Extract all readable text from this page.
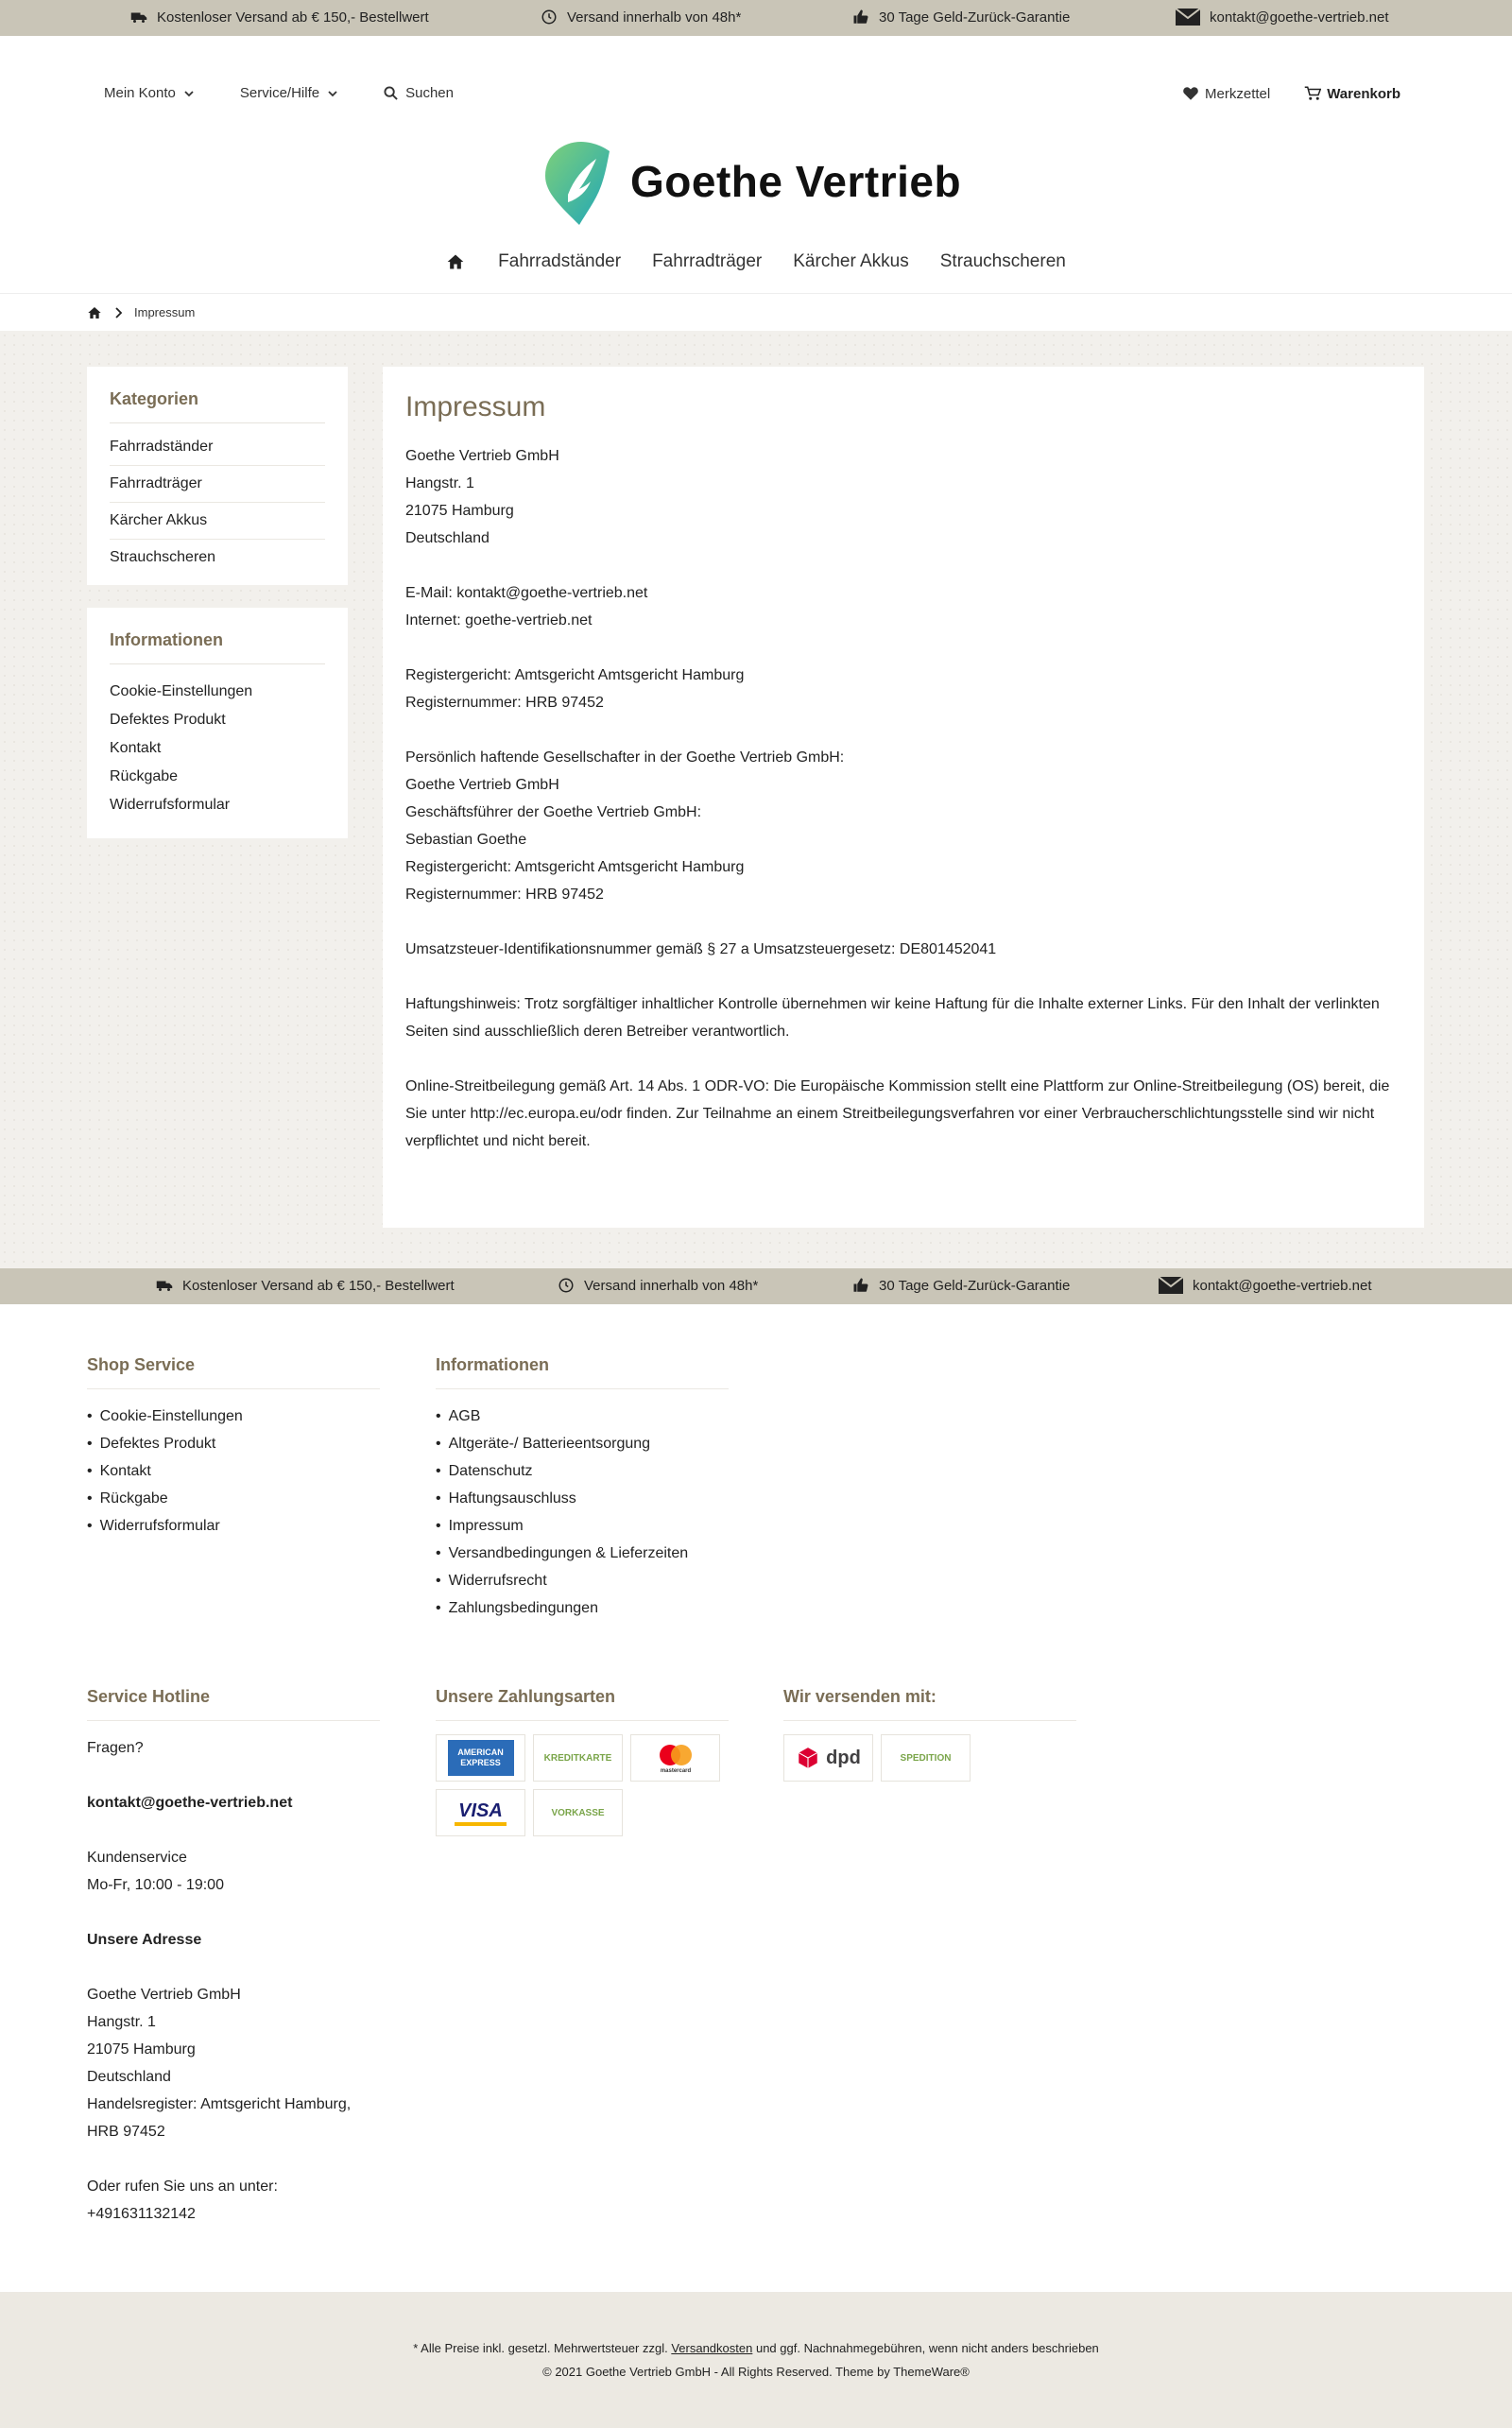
Kostenloser Versand ab € 150,- Bestellwert	Versand innerhalb von 48h*	30 Tage Geld-Zurück-Garantie	kontakt@goethe-vertrieb.net
Mein Konto	Service/Hilfe	Suchen	Merkzettel	Warenkorb
Goethe Vertrieb
Fahrradständer Fahrradträger Kärcher Akkus Strauchscheren
Impressum
Kategorien
Fahrradständer
Fahrradträger
Kärcher Akkus
Strauchscheren
Informationen
Cookie-Einstellungen
Defektes Produkt
Kontakt
Rückgabe
Widerrufsformular
Impressum

Goethe Vertrieb GmbH
Hangstr. 1
21075 Hamburg
Deutschland

E-Mail: kontakt@goethe-vertrieb.net
Internet: goethe-vertrieb.net

Registergericht: Amtsgericht Amtsgericht Hamburg
Registernummer: HRB 97452

Persönlich haftende Gesellschafter in der Goethe Vertrieb GmbH:
Goethe Vertrieb GmbH
Geschäftsführer der Goethe Vertrieb GmbH:
Sebastian Goethe
Registergericht: Amtsgericht Amtsgericht Hamburg
Registernummer: HRB 97452

Umsatzsteuer-Identifikationsnummer gemäß § 27 a Umsatzsteuergesetz: DE801452041

Haftungshinweis: Trotz sorgfältiger inhaltlicher Kontrolle übernehmen wir keine Haftung für die Inhalte externer Links. Für den Inhalt der verlinkten Seiten sind ausschließlich deren Betreiber verantwortlich.

Online-Streitbeilegung gemäß Art. 14 Abs. 1 ODR-VO: Die Europäische Kommission stellt eine Plattform zur Online-Streitbeilegung (OS) bereit, die Sie unter http://ec.europa.eu/odr finden. Zur Teilnahme an einem Streitbeilegungsverfahren vor einer Verbraucherschlichtungsstelle sind wir nicht verpflichtet und nicht bereit.

Kostenloser Versand ab € 150,- Bestellwert	Versand innerhalb von 48h*	30 Tage Geld-Zurück-Garantie	kontakt@goethe-vertrieb.net
Shop Service
• Cookie-Einstellungen
• Defektes Produkt
• Kontakt
• Rückgabe
• Widerrufsformular
Informationen
• AGB
• Altgeräte-/ Batterieentsorgung
• Datenschutz
• Haftungsauschluss
• Impressum
• Versandbedingungen & Lieferzeiten
• Widerrufsrecht
• Zahlungsbedingungen
Service Hotline
Fragen?
kontakt@goethe-vertrieb.net
Kundenservice
Mo-Fr, 10:00 - 19:00
Unsere Adresse
Goethe Vertrieb GmbH
Hangstr. 1
21075 Hamburg
Deutschland
Handelsregister: Amtsgericht Hamburg,
HRB 97452
Oder rufen Sie uns an unter:
+491631132142
Unsere Zahlungsarten
AMERICAN EXPRESS	KREDITKARTE
mastercard
VISA	VORKASSE
Wir versenden mit:
dpd	SPEDITION
* Alle Preise inkl. gesetzl. Mehrwertsteuer zzgl. Versandkosten und ggf. Nachnahmegebühren, wenn nicht anders beschrieben
© 2021 Goethe Vertrieb GmbH - All Rights Reserved. Theme by ThemeWare®
